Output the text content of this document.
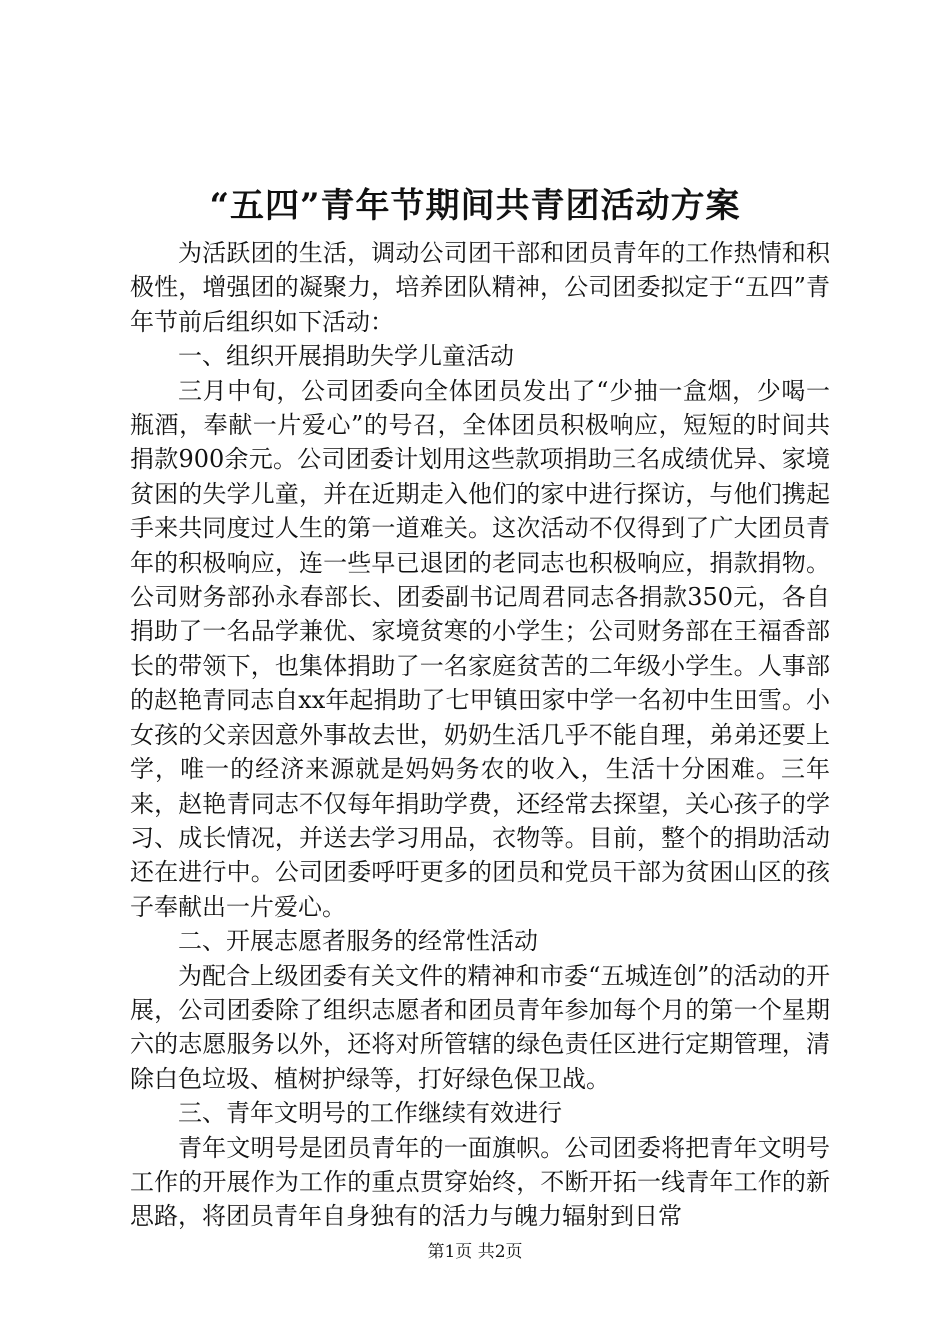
“五四”青年节期间共青团活动方案

为活跃团的生活，调动公司团干部和团员青年的工作热情和积极性，增强团的凝聚力，培养团队精神，公司团委拟定于“五四”青年节前后组织如下活动：

一、组织开展捐助失学儿童活动

三月中旬，公司团委向全体团员发出了“少抽一盒烟，少喝一瓶酒，奉献一片爱心”的号召，全体团员积极响应，短短的时间共捐款900余元。公司团委计划用这些款项捐助三名成绩优异、家境贫困的失学儿童，并在近期走入他们的家中进行探访，与他们携起手来共同度过人生的第一道难关。这次活动不仅得到了广大团员青年的积极响应，连一些早已退团的老同志也积极响应，捐款捐物。公司财务部孙永春部长、团委副书记周君同志各捐款350元，各自捐助了一名品学兼优、家境贫寒的小学生；公司财务部在王福香部长的带领下，也集体捐助了一名家庭贫苦的二年级小学生。人事部的赵艳青同志自xx年起捐助了七甲镇田家中学一名初中生田雪。小女孩的父亲因意外事故去世，奶奶生活几乎不能自理，弟弟还要上学，唯一的经济来源就是妈妈务农的收入，生活十分困难。三年来，赵艳青同志不仅每年捐助学费，还经常去探望，关心孩子的学习、成长情况，并送去学习用品，衣物等。目前，整个的捐助活动还在进行中。公司团委呼吁更多的团员和党员干部为贫困山区的孩子奉献出一片爱心。

二、开展志愿者服务的经常性活动

为配合上级团委有关文件的精神和市委“五城连创”的活动的开展，公司团委除了组织志愿者和团员青年参加每个月的第一个星期六的志愿服务以外，还将对所管辖的绿色责任区进行定期管理，清除白色垃圾、植树护绿等，打好绿色保卫战。

三、青年文明号的工作继续有效进行

青年文明号是团员青年的一面旗帜。公司团委将把青年文明号工作的开展作为工作的重点贯穿始终，不断开拓一线青年工作的新思路，将团员青年自身独有的活力与魄力辐射到日常

第1页 共2页
